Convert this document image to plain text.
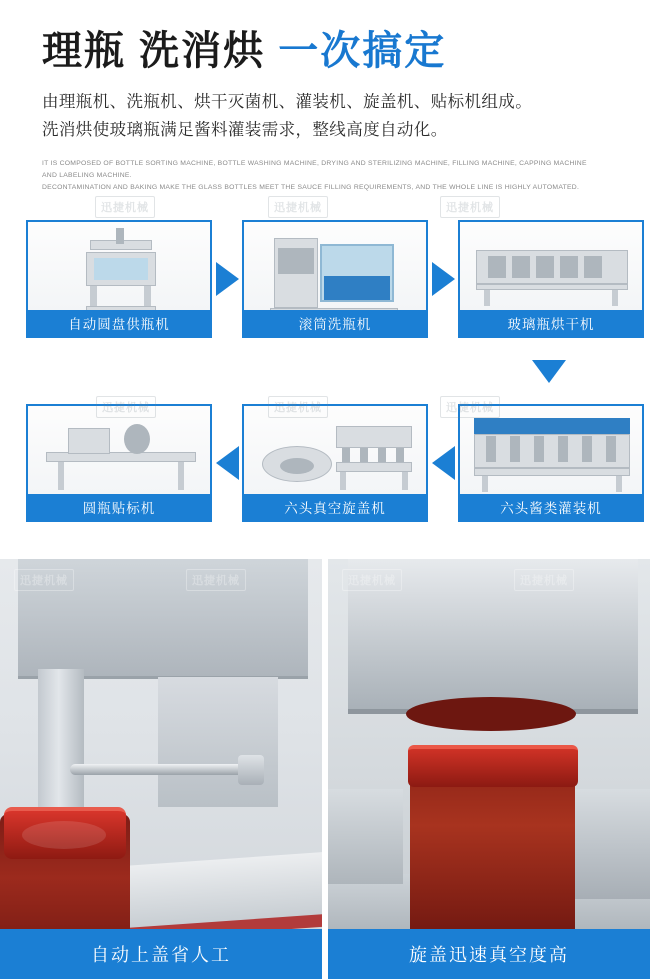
理瓶 洗消烘 一次搞定
由理瓶机、洗瓶机、烘干灭菌机、灌装机、旋盖机、贴标机组成。
洗消烘使玻璃瓶满足酱料灌装需求，整线高度自动化。
IT IS COMPOSED OF BOTTLE SORTING MACHINE, BOTTLE WASHING MACHINE, DRYING AND STERILIZING MACHINE, FILLING MACHINE, CAPPING MACHINE AND LABELING MACHINE.
DECONTAMINATION AND BAKING MAKE THE GLASS BOTTLES MEET THE SAUCE FILLING REQUIREMENTS, AND THE WHOLE LINE IS HIGHLY AUTOMATED.
迅捷机械	迅捷机械	迅捷机械
自动圆盘供瓶机	滚筒洗瓶机	玻璃瓶烘干机
圆瓶贴标机	六头真空旋盖机	六头酱类灌装机
迅捷机械	迅捷机械	迅捷机械
迅捷机械	迅捷机械
自动上盖省人工
迅捷机械	迅捷机械
旋盖迅速真空度高
